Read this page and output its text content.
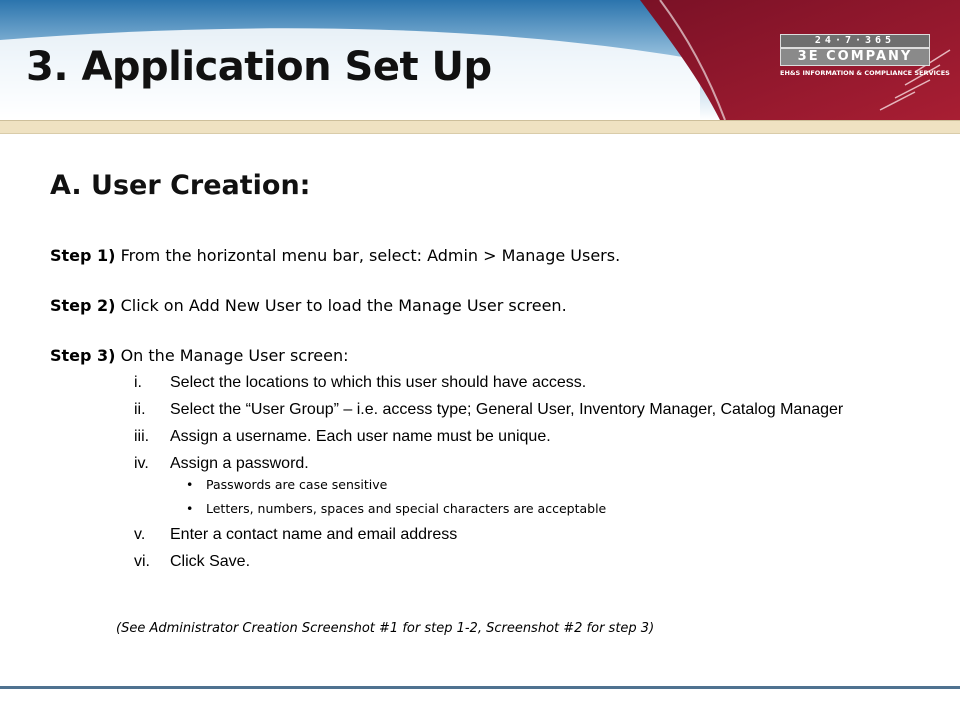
3. Application Set Up
24·7·365
3E COMPANY
EH&S INFORMATION & COMPLIANCE SERVICES
A. User Creation:
Step 1) From the horizontal menu bar, select: Admin > Manage Users.
Step 2) Click on Add New User to load the Manage User screen.
Step 3) On the Manage User screen:
i. Select the locations to which this user should have access.
ii. Select the “User Group” – i.e. access type; General User, Inventory Manager, Catalog Manager
iii. Assign a username. Each user name must be unique.
iv. Assign a password.
• Passwords are case sensitive
• Letters, numbers, spaces and special characters are acceptable
v. Enter a contact name and email address
vi. Click Save.
(See Administrator Creation Screenshot #1 for step 1-2, Screenshot #2 for step 3)
